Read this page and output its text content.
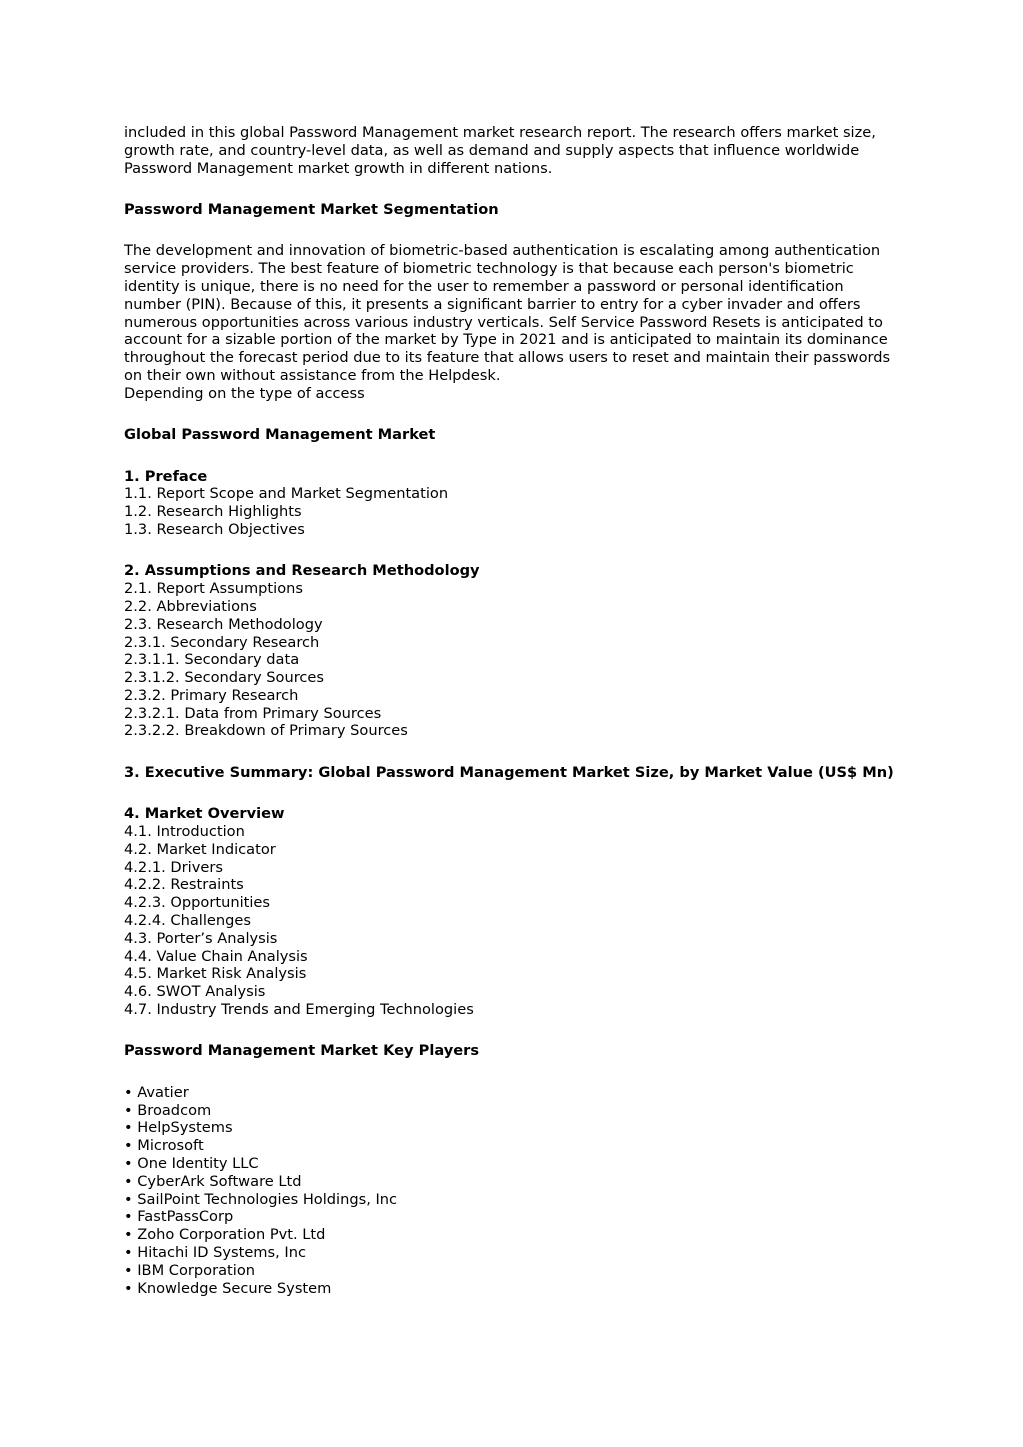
included in this global Password Management market research report. The research offers market size, growth rate, and country-level data, as well as demand and supply aspects that influence worldwide Password Management market growth in different nations.

Password Management Market Segmentation

The development and innovation of biometric-based authentication is escalating among authentication service providers. The best feature of biometric technology is that because each person's biometric identity is unique, there is no need for the user to remember a password or personal identification number (PIN). Because of this, it presents a significant barrier to entry for a cyber invader and offers numerous opportunities across various industry verticals. Self Service Password Resets is anticipated to account for a sizable portion of the market by Type in 2021 and is anticipated to maintain its dominance throughout the forecast period due to its feature that allows users to reset and maintain their passwords on their own without assistance from the Helpdesk.

Depending on the type of access

Global Password Management Market

1. Preface

1.1. Report Scope and Market Segmentation
1.2. Research Highlights
1.3. Research Objectives

2. Assumptions and Research Methodology

2.1. Report Assumptions
2.2. Abbreviations
2.3. Research Methodology
2.3.1. Secondary Research
2.3.1.1. Secondary data
2.3.1.2. Secondary Sources
2.3.2. Primary Research
2.3.2.1. Data from Primary Sources
2.3.2.2. Breakdown of Primary Sources

3. Executive Summary: Global Password Management Market Size, by Market Value (US$ Mn)

4. Market Overview

4.1. Introduction
4.2. Market Indicator
4.2.1. Drivers
4.2.2. Restraints
4.2.3. Opportunities
4.2.4. Challenges
4.3. Porter’s Analysis
4.4. Value Chain Analysis
4.5. Market Risk Analysis
4.6. SWOT Analysis
4.7. Industry Trends and Emerging Technologies

Password Management Market Key Players

• Avatier
• Broadcom
• HelpSystems
• Microsoft
• One Identity LLC
• CyberArk Software Ltd
• SailPoint Technologies Holdings, Inc
• FastPassCorp
• Zoho Corporation Pvt. Ltd
• Hitachi ID Systems, Inc
• IBM Corporation
• Knowledge Secure System
